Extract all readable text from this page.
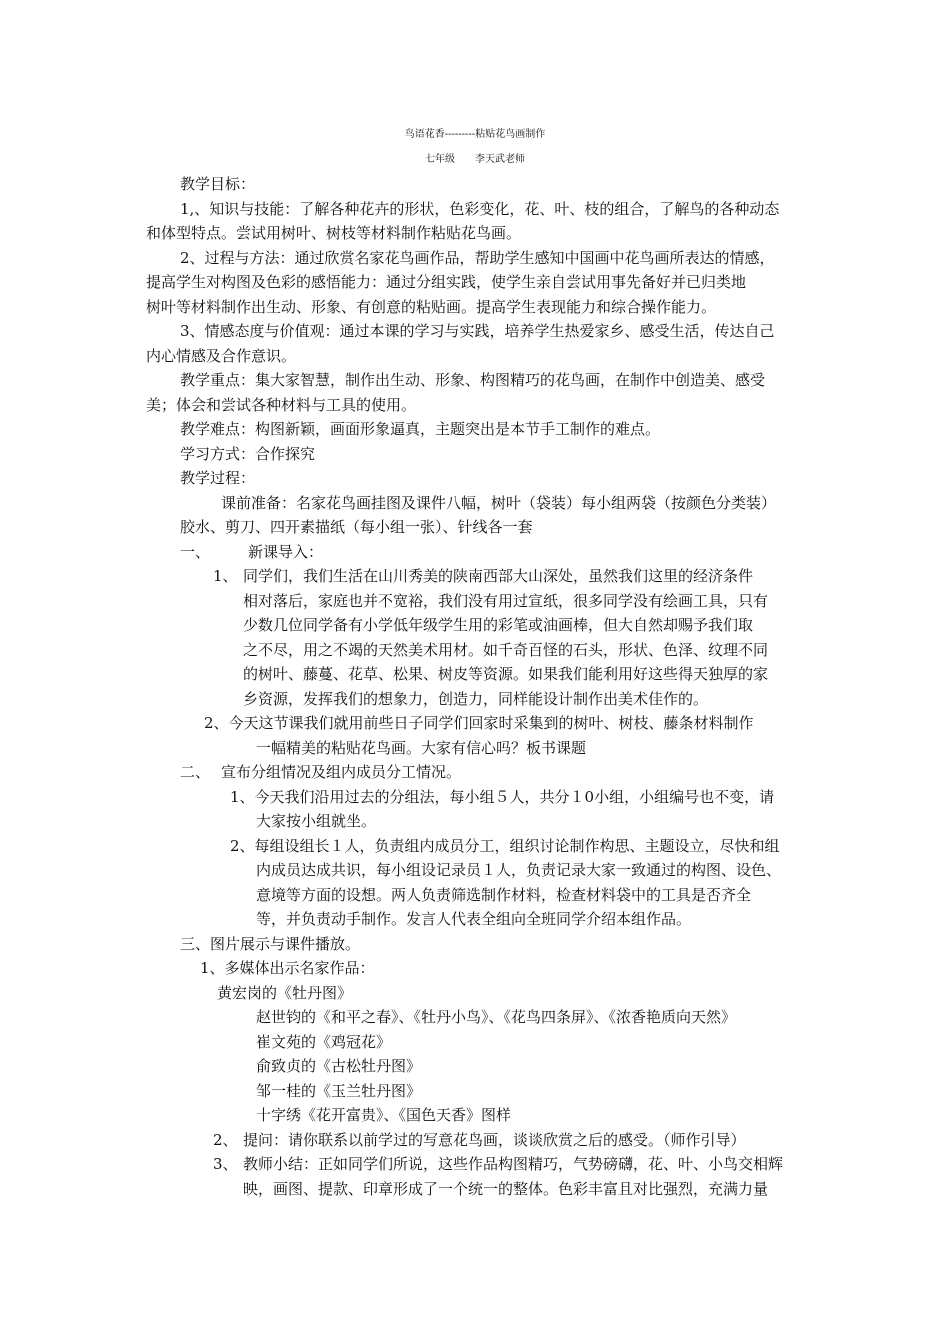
鸟语花香---------粘贴花鸟画制作
七年级　　李天武老师
教学目标：
1,、知识与技能：了解各种花卉的形状，色彩变化，花、叶、枝的组合，了解鸟的各种动态
和体型特点。尝试用树叶、树枝等材料制作粘贴花鸟画。
2、过程与方法：通过欣赏名家花鸟画作品，帮助学生感知中国画中花鸟画所表达的情感，
提高学生对构图及色彩的感悟能力：通过分组实践，使学生亲自尝试用事先备好并已归类地
树叶等材料制作出生动、形象、有创意的粘贴画。提高学生表现能力和综合操作能力。
3、情感态度与价值观：通过本课的学习与实践，培养学生热爱家乡、感受生活，传达自己
内心情感及合作意识。
教学重点：集大家智慧，制作出生动、形象、构图精巧的花鸟画，在制作中创造美、感受
美；体会和尝试各种材料与工具的使用。
教学难点：构图新颖，画面形象逼真，主题突出是本节手工制作的难点。
学习方式：合作探究
教学过程：
课前准备：名家花鸟画挂图及课件八幅，树叶（袋装）每小组两袋（按颜色分类装）
胶水、剪刀、四开素描纸（每小组一张）、针线各一套
一、	新课导入：
1、 同学们，我们生活在山川秀美的陕南西部大山深处，虽然我们这里的经济条件
相对落后，家庭也并不宽裕，我们没有用过宣纸，很多同学没有绘画工具，只有
少数几位同学备有小学低年级学生用的彩笔或油画棒，但大自然却赐予我们取
之不尽，用之不竭的天然美术用材。如千奇百怪的石头，形状、色泽、纹理不同
的树叶、藤蔓、花草、松果、树皮等资源。如果我们能利用好这些得天独厚的家
乡资源，发挥我们的想象力，创造力，同样能设计制作出美术佳作的。
2、今天这节课我们就用前些日子同学们回家时采集到的树叶、树枝、藤条材料制作
一幅精美的粘贴花鸟画。大家有信心吗？板书课题
二、 宣布分组情况及组内成员分工情况。
1、今天我们沿用过去的分组法，每小组５人，共分１0小组，小组编号也不变，请
大家按小组就坐。
2、每组设组长１人，负责组内成员分工，组织讨论制作构思、主题设立，尽快和组
内成员达成共识，每小组设记录员１人，负责记录大家一致通过的构图、设色、
意境等方面的设想。两人负责筛选制作材料，检查材料袋中的工具是否齐全
等，并负责动手制作。发言人代表全组向全班同学介绍本组作品。
三、图片展示与课件播放。
1、多媒体出示名家作品：
黄宏岗的《牡丹图》
赵世钧的《和平之春》、《牡丹小鸟》、《花鸟四条屏》、《浓香艳质向天然》
崔文苑的《鸡冠花》
俞致贞的《古松牡丹图》
邹一桂的《玉兰牡丹图》
十字绣《花开富贵》、《国色天香》图样
2、 提问：请你联系以前学过的写意花鸟画，谈谈欣赏之后的感受。（师作引导）
3、 教师小结：正如同学们所说，这些作品构图精巧，气势磅礴，花、叶、小鸟交相辉
映，画图、提款、印章形成了一个统一的整体。色彩丰富且对比强烈，充满力量
